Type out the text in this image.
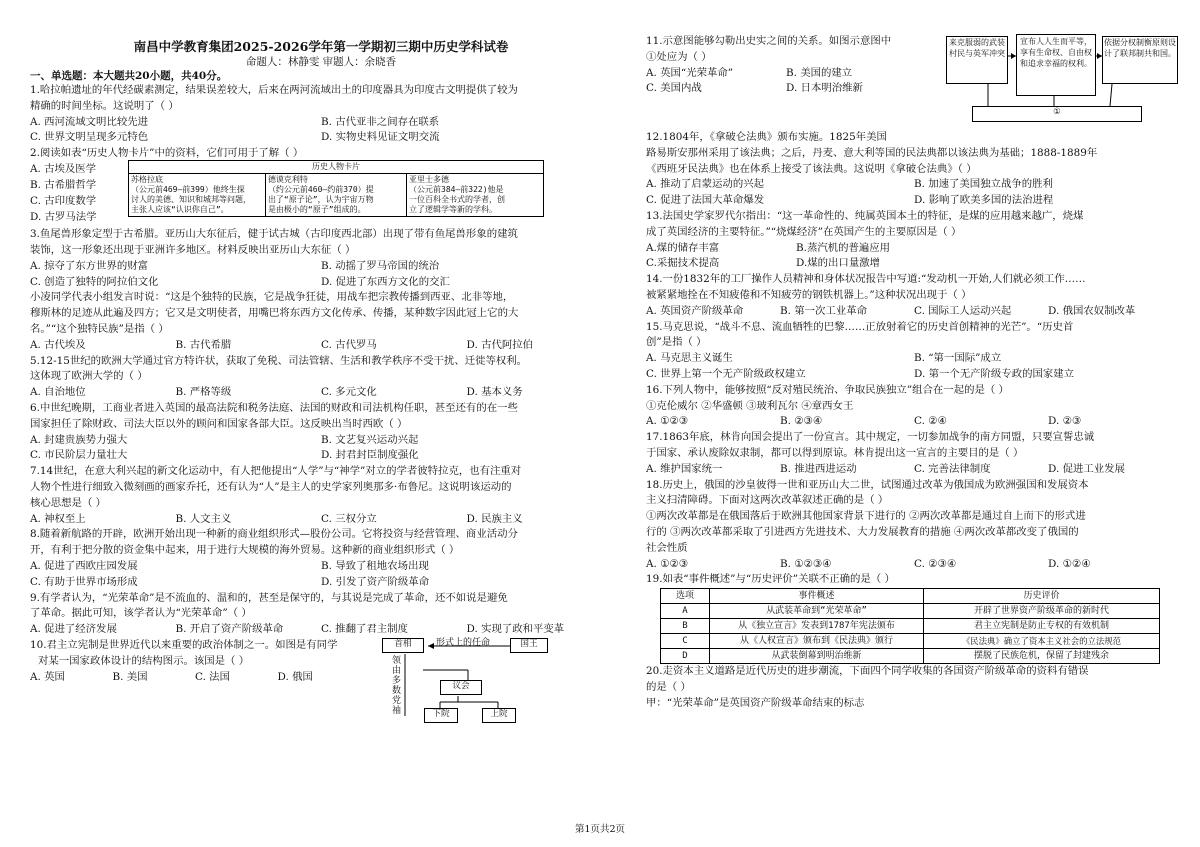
南昌中学教育集团2025-2026学年第一学期初三期中历史学科试卷
命题人：林静雯 审题人：余晓香
一、单选题：本大题共20小题，共40分。
1.哈拉帕遗址的年代经碳素测定，结果误差较大，后来在两河流域出土的印度器具为印度古文明提供了较为
精确的时间坐标。这说明了（ ）
A. 西河流域文明比较先进	B. 古代亚非之间存在联系
C. 世界文明呈现多元特色	D. 实物史料见证文明交流
2.阅读如表“历史人物卡片”中的资料，它们可用于了解（ ）
A. 古埃及医学
B. 古希腊哲学
C. 古印度数学
D. 古罗马法学
历史人物卡片

苏格拉底
（公元前469—前399）他终生探
讨人的美德、知识和城邦等问题，
主张人应该“认识你自己”。

德谟克利特
（约公元前460—约前370）提
出了“原子论”，认为宇宙万物
是由极小的“原子”组成的。

亚里士多德
（公元前384—前322)他是
一位百科全书式的学者，创
立了逻辑学等新的学科。
3.鱼尾兽形象定型于古希腊。亚历山大东征后，健于试古城（古印度西北部）出现了带有鱼尾兽形象的建筑
装饰，这一形象还出现于亚洲许多地区。材料反映出亚历山大东征（ ）
A. 掠夺了东方世界的财富	B. 动摇了罗马帝国的统治
C. 创造了独特的阿拉伯文化	D. 促进了东西方文化的交汇
小凌同学代表小组发言时说：“这是个独特的民族，它是战争狂徒，用战车把宗教传播到西亚、北非等地，
穆斯林的足迹从此遍及四方；它又是文明使者，用嘴巴将东西方文化传承、传播，某种数字因此冠上它的大
名。”“这个独特民族”是指（ ）
A. 古代埃及	B. 古代希腊	C. 古代罗马	D. 古代阿拉伯
5.12-15世纪的欧洲大学通过官方特许状，获取了免税、司法管辖、生活和教学秩序不受干扰、迁徙等权利。
这体现了欧洲大学的（ ）
A. 自治地位	B. 严格等级	C. 多元文化	D. 基本义务
6.中世纪晚期，工商业者进入英国的最高法院和税务法庭、法国的财政和司法机构任职，甚至还有的在一些
国家担任了除财政、司法大臣以外的顾问和国家各部大臣。这反映出当时西欧（ ）
A. 封建贵族势力强大	B. 文艺复兴运动兴起
C. 市民阶层力量壮大	D. 封君封臣制度强化
7.14世纪，在意大利兴起的新文化运动中，有人把他提出“人学”与“神学”对立的学者彼特拉克，也有注重对
人物个性进行细致入微刻画的画家乔托，还有认为“人”是主人的史学家列奥那多·布鲁尼。这说明该运动的
核心思想是（ ）
A. 神权至上	B. 人文主义	C. 三权分立	D. 民族主义
8.随着新航路的开辟，欧洲开始出现一种新的商业组织形式—股份公司。它将投资与经营管理、商业活动分
开，有利于把分散的资金集中起来，用于进行大规模的海外贸易。这种新的商业组织形式（ ）
A. 促进了西欧庄园发展	B. 导致了租地农场出现
C. 有助于世界市场形成	D. 引发了资产阶级革命
9.有学者认为，“光荣革命”是不流血的、温和的，甚至是保守的，与其说是完成了革命，还不如说是避免
了革命。据此可知，该学者认为“光荣革命”（ ）
A. 促进了经济发展	B. 开启了资产阶级革命	C. 推翻了君主制度	D. 实现了政和平变革
10.君主立宪制是世界近代以来重要的政治体制之一。如图是有同学
对某一国家政体设计的结构图示。该国是（ ）
A. 英国	B. 美国	C. 法国	D. 俄国
首相	形式上的任命	国王
领由多数党袖
议会
下院	上院
11.示意图能够勾勒出史实之间的关系。如图示意图中
①处应为（ ）
A. 英国“光荣革命”	B. 美国的建立
C. 美国内战	D. 日本明治维新
来克服弱的武装村民与英军冲突
宣布人人生而平等，享有生命权、自由权和追求幸福的权利。
依据分权制衡原则设计了联邦制共和国。
①
12.1804年，《拿破仑法典》颁布实施。1825年美国
路易斯安那州采用了该法典；之后，丹麦、意大利等国的民法典都以该法典为基础；1888-1889年
《西班牙民法典》也在体系上接受了该法典。这说明《拿破仑法典》（ ）
A. 推动了启蒙运动的兴起	B. 加速了美国独立战争的胜利
C. 促进了法国大革命爆发	D. 影响了欧美多国的法治进程
13.法国史学家罗代尔指出：“这一革命性的、纯属英国本土的特征，是煤的应用越来越广，烧煤
成了英国经济的主要特征。”“烧煤经济”在英国产生的主要原因是（ ）
A.煤的储存丰富	B.蒸汽机的普遍应用
C.采掘技术提高	D.煤的出口量激增
14.一份1832年的工厂操作人员精神和身体状况报告中写道:“发动机一开始,人们就必须工作……
被紧紧地拴在不知疲倦和不知疲劳的钢铁机器上。”这种状况出现于（ ）
A. 英国资产阶级革命	B. 第一次工业革命	C. 国际工人运动兴起	D. 俄国农奴制改革
15.马克思说，“战斗不息、流血牺牲的巴黎……正放射着它的历史首创精神的光芒”。“历史首
创”是指（ ）
A. 马克思主义诞生	B. “第一国际”成立
C. 世界上第一个无产阶级政权建立	D. 第一个无产阶级专政的国家建立
16.下列人物中，能够按照“反对殖民统治、争取民族独立”组合在一起的是（ ）
①克伦威尔 ②华盛顿 ③玻利瓦尔 ④章西女王
A. ①②③	B. ②③④	C. ②④	D. ②③
17.1863年底，林肯向国会提出了一份宣言。其中规定，一切参加战争的南方同盟，只要宣誓忠诚
于国家、承认废除奴隶制，都可以得到原谅。林肯提出这一宣言的主要目的是（ ）
A. 维护国家统一	B. 推进西进运动	C. 完善法律制度	D. 促进工业发展
18.历史上，俄国的沙皇彼得一世和亚历山大二世，试图通过改革为俄国成为欧洲强国和发展资本
主义扫清障碍。下面对这两次改革叙述正确的是（ ）
①两次改革都是在俄国落后于欧洲其他国家背景下进行的 ②两次改革都是通过自上而下的形式进
行的 ③两次改革都采取了引进西方先进技术、大力发展教育的措施 ④两次改革都改变了俄国的
社会性质
A. ①②③	B. ①②③④	C. ②③④	D. ①②④
19.如表“事件概述”与“历史评价”关联不正确的是（ ）
选项	事件概述	历史评价
A	从武装革命到“光荣革命”	开辟了世界资产阶级革命的新时代
B	从《独立宣言》发表到1787年宪法颁布	君主立宪制是防止专权的有效机制
C	从《人权宣言》颁布到《民法典》颁行	《民法典》确立了资本主义社会的立法规范
D	从武装倒幕到明治维新	摆脱了民族危机，保留了封建残余
20.走资本主义道路是近代历史的进步潮流，下面四个同学收集的各国资产阶级革命的资料有错误
的是（ ）
甲：“光荣革命”是英国资产阶级革命结束的标志
第1页共2页
